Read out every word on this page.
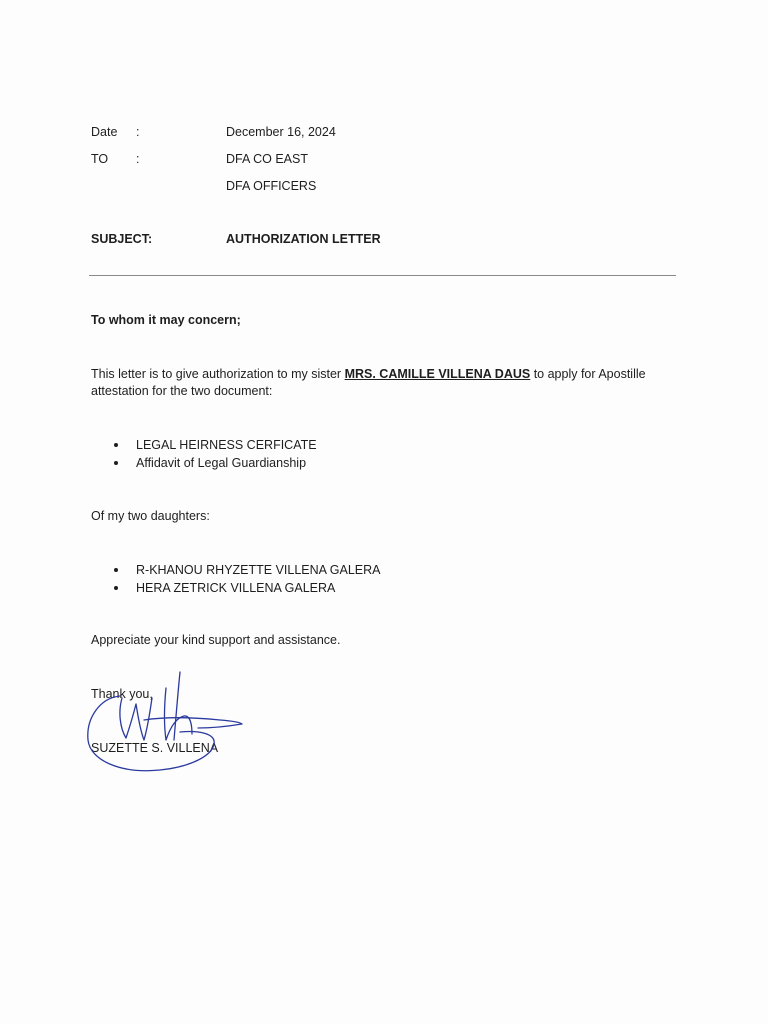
Date :	December 16, 2024
TO :	DFA CO EAST
DFA OFFICERS
SUBJECT:	AUTHORIZATION LETTER

To whom it may concern;

This letter is to give authorization to my sister MRS. CAMILLE VILLENA DAUS to apply for Apostille attestation for the two document:

LEGAL HEIRNESS CERFICATE
Affidavit of Legal Guardianship

Of my two daughters:

R-KHANOU RHYZETTE VILLENA GALERA
HERA ZETRICK VILLENA GALERA

Appreciate your kind support and assistance.

Thank you,

SUZETTE S. VILLENA
